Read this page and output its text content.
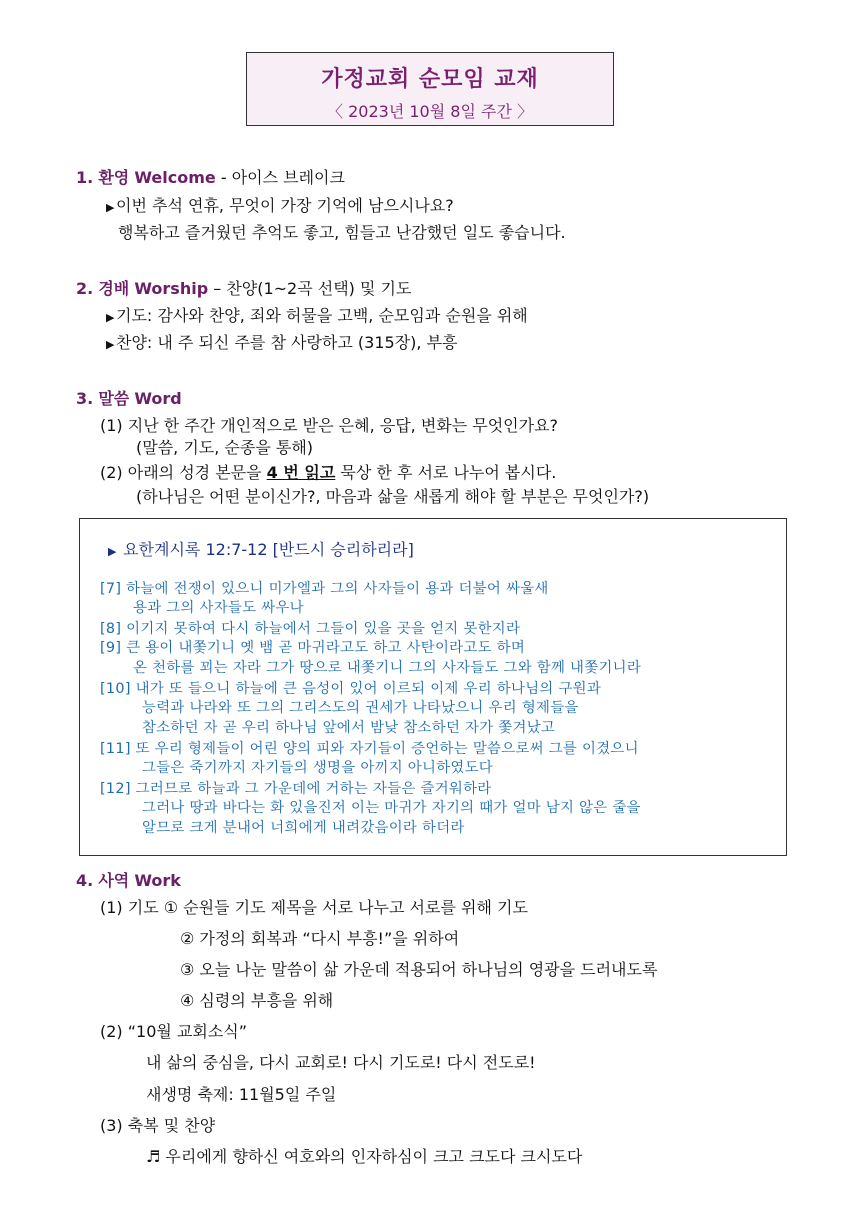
가정교회 순모임 교재
〈 2023년 10월 8일 주간 〉
1. 환영 Welcome - 아이스 브레이크
▶이번 추석 연휴, 무엇이 가장 기억에 남으시나요?
행복하고 즐거웠던 추억도 좋고, 힘들고 난감했던 일도 좋습니다.
2. 경배 Worship – 찬양(1~2곡 선택) 및 기도
▶기도: 감사와 찬양, 죄와 허물을 고백, 순모임과 순원을 위해
▶찬양: 내 주 되신 주를 참 사랑하고 (315장), 부흥
3. 말씀 Word
(1) 지난 한 주간 개인적으로 받은 은혜, 응답, 변화는 무엇인가요?
(말씀, 기도, 순종을 통해)
(2) 아래의 성경 본문을 4 번 읽고 묵상 한 후 서로 나누어 봅시다.
(하나님은 어떤 분이신가?, 마음과 삶을 새롭게 해야 할 부분은 무엇인가?)
▶ 요한계시록 12:7-12 [반드시 승리하리라]
[7] 하늘에 전쟁이 있으니 미가엘과 그의 사자들이 용과 더불어 싸울새
용과 그의 사자들도 싸우나
[8] 이기지 못하여 다시 하늘에서 그들이 있을 곳을 얻지 못한지라
[9] 큰 용이 내쫓기니 옛 뱀 곧 마귀라고도 하고 사탄이라고도 하며
온 천하를 꾀는 자라 그가 땅으로 내쫓기니 그의 사자들도 그와 함께 내쫓기니라
[10] 내가 또 들으니 하늘에 큰 음성이 있어 이르되 이제 우리 하나님의 구원과
능력과 나라와 또 그의 그리스도의 권세가 나타났으니 우리 형제들을
참소하던 자 곧 우리 하나님 앞에서 밤낮 참소하던 자가 쫓겨났고
[11] 또 우리 형제들이 어린 양의 피와 자기들이 증언하는 말씀으로써 그를 이겼으니
그들은 죽기까지 자기들의 생명을 아끼지 아니하였도다
[12] 그러므로 하늘과 그 가운데에 거하는 자들은 즐거워하라
그러나 땅과 바다는 화 있을진저 이는 마귀가 자기의 때가 얼마 남지 않은 줄을
알므로 크게 분내어 너희에게 내려갔음이라 하더라
4. 사역 Work
(1) 기도 ① 순원들 기도 제목을 서로 나누고 서로를 위해 기도
② 가정의 회복과 “다시 부흥!”을 위하여
③ 오늘 나눈 말씀이 삶 가운데 적용되어 하나님의 영광을 드러내도록
④ 심령의 부흥을 위해
(2) “10월 교회소식”
내 삶의 중심을, 다시 교회로! 다시 기도로! 다시 전도로!
새생명 축제: 11월5일 주일
(3) 축복 및 찬양
♬ 우리에게 향하신 여호와의 인자하심이 크고 크도다 크시도다
